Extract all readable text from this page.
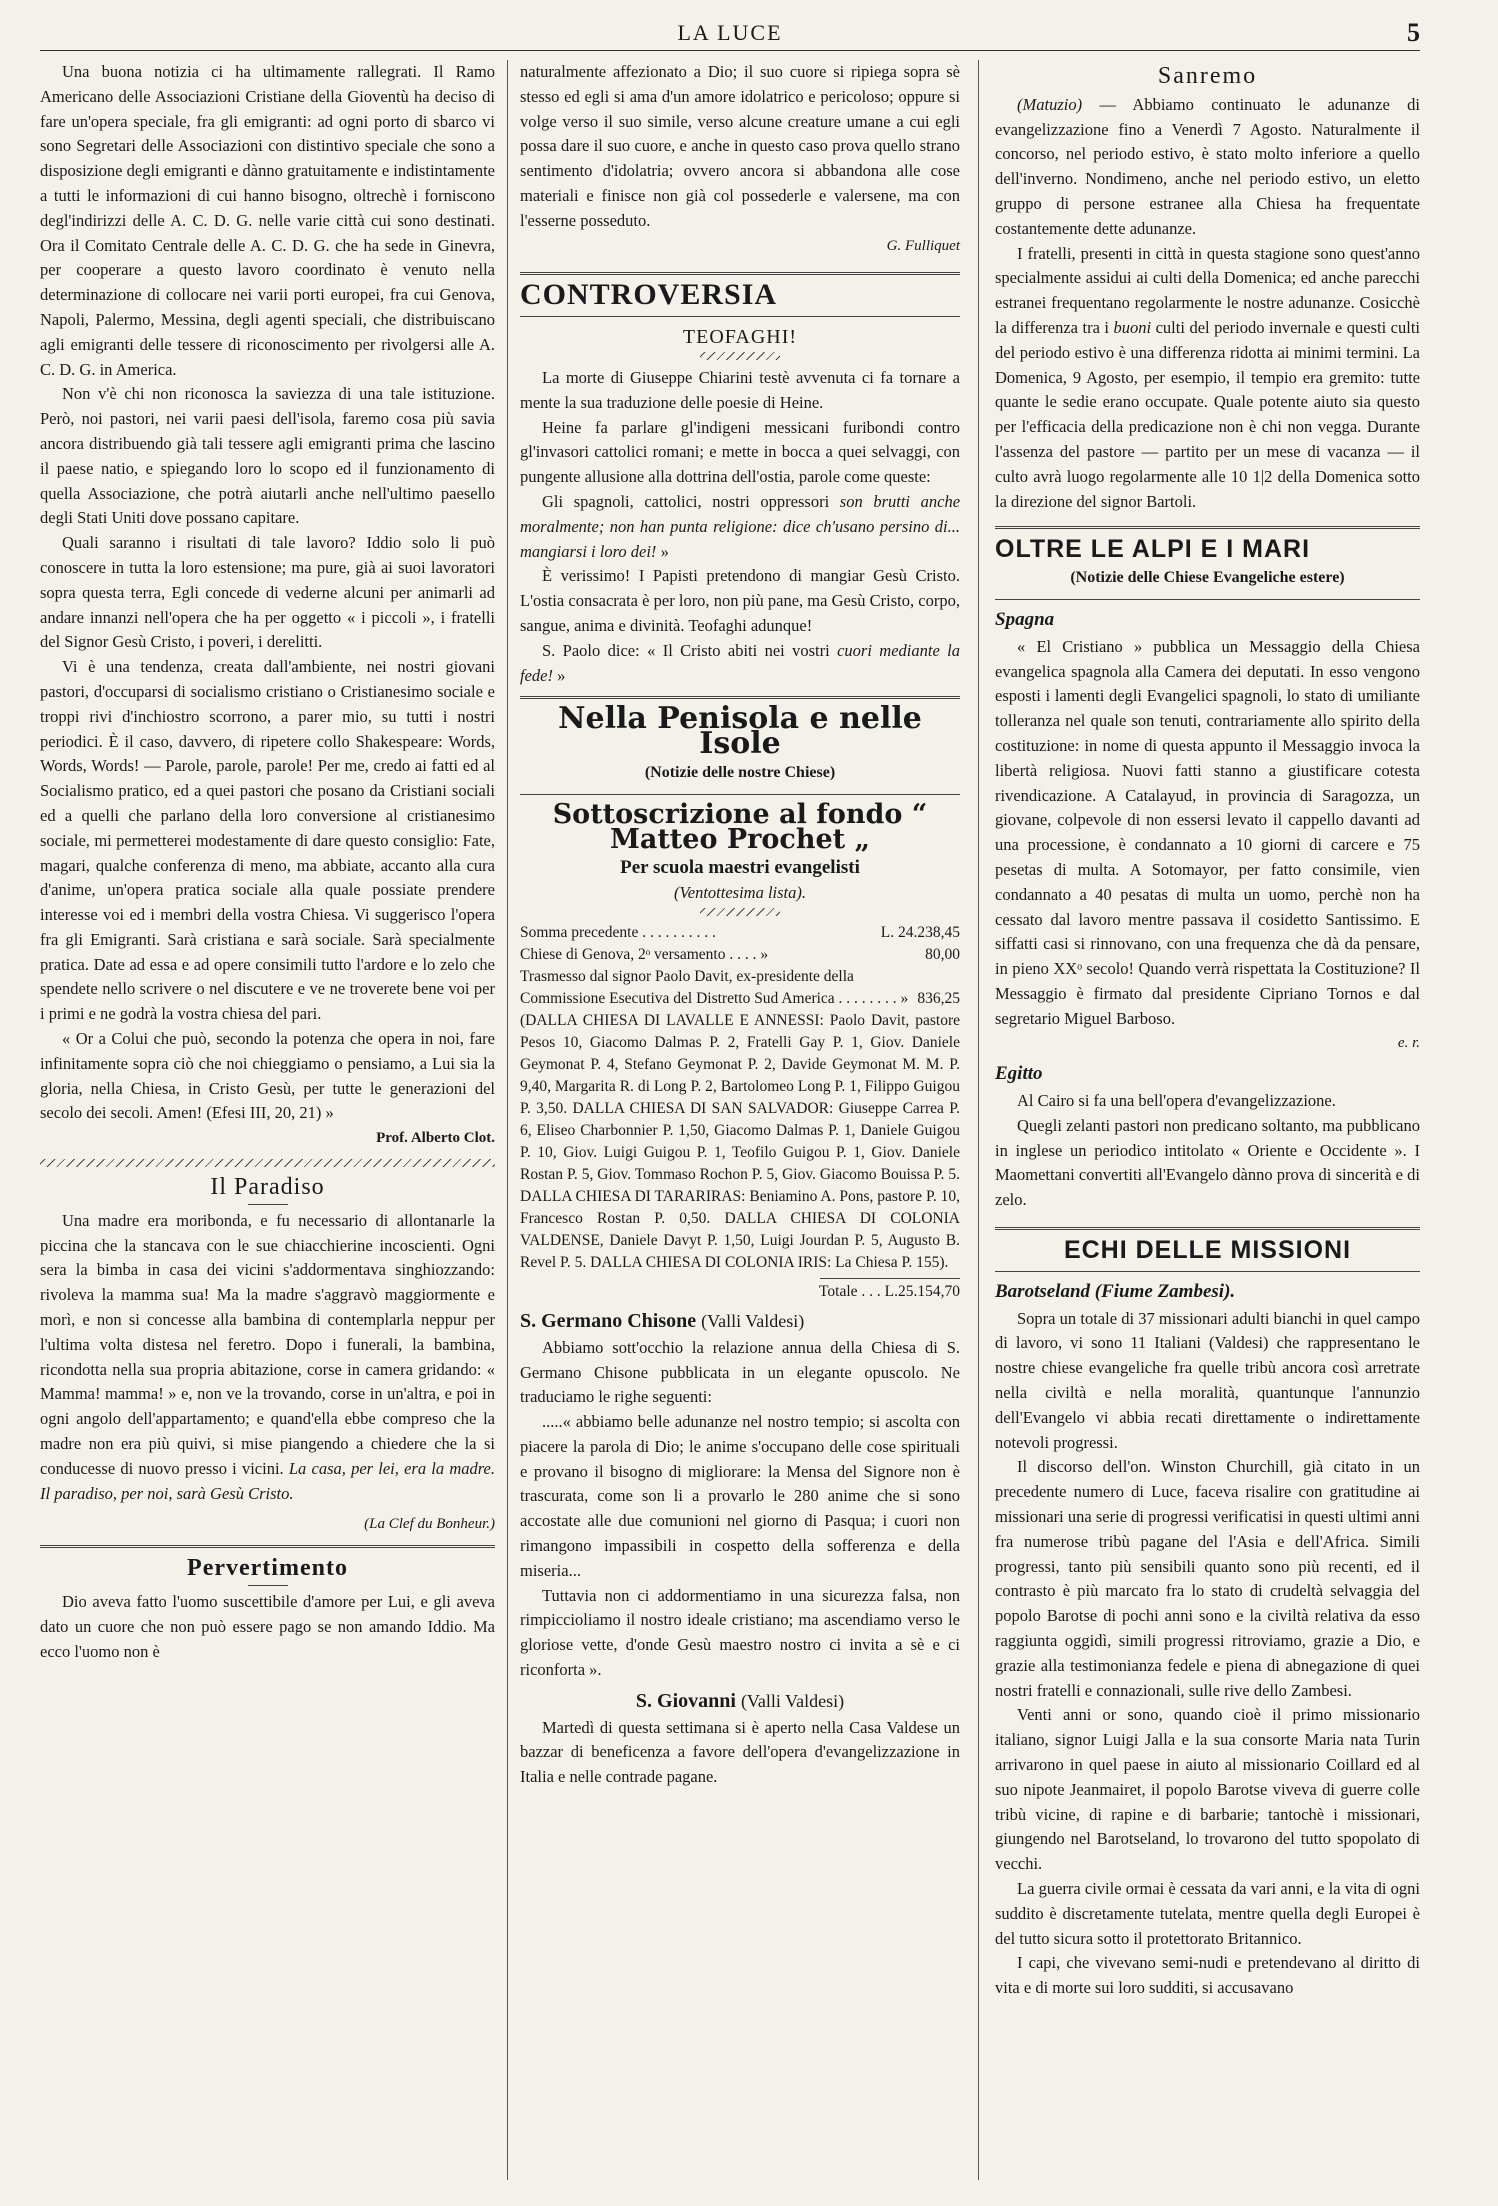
LA LUCE	5

Una buona notizia ci ha ultimamente rallegrati. Il Ramo Americano delle Associazioni Cristiane della Gioventù ha deciso di fare un'opera speciale, fra gli emigranti: ad ogni porto di sbarco vi sono Segretari delle Associazioni con distintivo speciale che sono a disposizione degli emigranti e dànno gratuitamente e indistintamente a tutti le informazioni di cui hanno bisogno, oltrechè i forniscono degl'indirizzi delle A. C. D. G. nelle varie città cui sono destinati. Ora il Comitato Centrale delle A. C. D. G. che ha sede in Ginevra, per cooperare a questo lavoro coordinato è venuto nella determinazione di collocare nei varii porti europei, fra cui Genova, Napoli, Palermo, Messina, degli agenti speciali, che distribuiscano agli emigranti delle tessere di riconoscimento per rivolgersi alle A. C. D. G. in America.

Non v'è chi non riconosca la saviezza di una tale istituzione. Però, noi pastori, nei varii paesi dell'isola, faremo cosa più savia ancora distribuendo già tali tessere agli emigranti prima che lascino il paese natio, e spiegando loro lo scopo ed il funzionamento di quella Associazione, che potrà aiutarli anche nell'ultimo paesello degli Stati Uniti dove possano capitare.

Quali saranno i risultati di tale lavoro? Iddio solo li può conoscere in tutta la loro estensione; ma pure, già ai suoi lavoratori sopra questa terra, Egli concede di vederne alcuni per animarli ad andare innanzi nell'opera che ha per oggetto « i piccoli », i fratelli del Signor Gesù Cristo, i poveri, i derelitti.

Vi è una tendenza, creata dall'ambiente, nei nostri giovani pastori, d'occuparsi di socialismo cristiano o Cristianesimo sociale e troppi rivi d'inchiostro scorrono, a parer mio, su tutti i nostri periodici. È il caso, davvero, di ripetere collo Shakespeare: Words, Words, Words! — Parole, parole, parole! Per me, credo ai fatti ed al Socialismo pratico, ed a quei pastori che posano da Cristiani sociali ed a quelli che parlano della loro conversione al cristianesimo sociale, mi permetterei modestamente di dare questo consiglio: Fate, magari, qualche conferenza di meno, ma abbiate, accanto alla cura d'anime, un'opera pratica sociale alla quale possiate prendere interesse voi ed i membri della vostra Chiesa. Vi suggerisco l'opera fra gli Emigranti. Sarà cristiana e sarà sociale. Sarà specialmente pratica. Date ad essa e ad opere consimili tutto l'ardore e lo zelo che spendete nello scrivere o nel discutere e ve ne troverete bene voi per i primi e ne godrà la vostra chiesa del pari.

« Or a Colui che può, secondo la potenza che opera in noi, fare infinitamente sopra ciò che noi chieggiamo o pensiamo, a Lui sia la gloria, nella Chiesa, in Cristo Gesù, per tutte le generazioni del secolo dei secoli. Amen! (Efesi III, 20, 21) »

Prof. Alberto Clot.

Il Paradiso

Una madre era moribonda, e fu necessario di allontanarle la piccina che la stancava con le sue chiacchierine incoscienti. Ogni sera la bimba in casa dei vicini s'addormentava singhiozzando: rivoleva la mamma sua! Ma la madre s'aggravò maggiormente e morì, e non si concesse alla bambina di contemplarla neppur per l'ultima volta distesa nel feretro. Dopo i funerali, la bambina, ricondotta nella sua propria abitazione, corse in camera gridando: « Mamma! mamma! » e, non ve la trovando, corse in un'altra, e poi in ogni angolo dell'appartamento; e quand'ella ebbe compreso che la madre non era più quivi, si mise piangendo a chiedere che la si conducesse di nuovo presso i vicini. La casa, per lei, era la madre. Il paradiso, per noi, sarà Gesù Cristo.

(La Clef du Bonheur.)

Pervertimento

Dio aveva fatto l'uomo suscettibile d'amore per Lui, e gli aveva dato un cuore che non può essere pago se non amando Iddio. Ma ecco l'uomo non è

naturalmente affezionato a Dio; il suo cuore si ripiega sopra sè stesso ed egli si ama d'un amore idolatrico e pericoloso; oppure si volge verso il suo simile, verso alcune creature umane a cui egli possa dare il suo cuore, e anche in questo caso prova quello strano sentimento d'idolatria; ovvero ancora si abbandona alle cose materiali e finisce non già col possederle e valersene, ma con l'esserne posseduto.

G. Fulliquet

CONTROVERSIA
TEOFAGHI!

La morte di Giuseppe Chiarini testè avvenuta ci fa tornare a mente la sua traduzione delle poesie di Heine.

Heine fa parlare gl'indigeni messicani furibondi contro gl'invasori cattolici romani; e mette in bocca a quei selvaggi, con pungente allusione alla dottrina dell'ostia, parole come queste:

Gli spagnoli, cattolici, nostri oppressori son brutti anche moralmente; non han punta religione: dice ch'usano persino di... mangiarsi i loro dei! »

È verissimo! I Papisti pretendono di mangiar Gesù Cristo. L'ostia consacrata è per loro, non più pane, ma Gesù Cristo, corpo, sangue, anima e divinità. Teofaghi adunque!

S. Paolo dice: « Il Cristo abiti nei vostri cuori mediante la fede! »

Nella Penisola e nelle Isole
(Notizie delle nostre Chiese)
Sottoscrizione al fondo “ Matteo Prochet „
Per scuola maestri evangelisti
(Ventottesima lista).
Somma precedente . . . . . . . . . .	L. 24.238,45
Chiese di Genova, 2ᵒ versamento . . . . »	80,00
Trasmesso dal signor Paolo Davit, ex-presidente della Commissione Esecutiva del Distretto Sud America . . . . . . . . » 836,25

(DALLA CHIESA DI LAVALLE E ANNESSI: Paolo Davit, pastore Pesos 10, Giacomo Dalmas P. 2, Fratelli Gay P. 1, Giov. Daniele Geymonat P. 4, Stefano Geymonat P. 2, Davide Geymonat M. M. P. 9,40, Margarita R. di Long P. 2, Bartolomeo Long P. 1, Filippo Guigou P. 3,50. DALLA CHIESA DI SAN SALVADOR: Giuseppe Carrea P. 6, Eliseo Charbonnier P. 1,50, Giacomo Dalmas P. 1, Daniele Guigou P. 10, Giov. Luigi Guigou P. 1, Teofilo Guigou P. 1, Giov. Daniele Rostan P. 5, Giov. Tommaso Rochon P. 5, Giov. Giacomo Bouissa P. 5. DALLA CHIESA DI TARARIRAS: Beniamino A. Pons, pastore P. 10, Francesco Rostan P. 0,50. DALLA CHIESA DI COLONIA VALDENSE, Daniele Davyt P. 1,50, Luigi Jourdan P. 5, Augusto B. Revel P. 5. DALLA CHIESA DI COLONIA IRIS: La Chiesa P. 155).

Totale . . . L. 25.154,70
S. Germano Chisone (Valli Valdesi)

Abbiamo sott'occhio la relazione annua della Chiesa di S. Germano Chisone pubblicata in un elegante opuscolo. Ne traduciamo le righe seguenti:

.....« abbiamo belle adunanze nel nostro tempio; si ascolta con piacere la parola di Dio; le anime s'occupano delle cose spirituali e provano il bisogno di migliorare: la Mensa del Signore non è trascurata, come son li a provarlo le 280 anime che si sono accostate alle due comunioni nel giorno di Pasqua; i cuori non rimangono impassibili in cospetto della sofferenza e della miseria...

Tuttavia non ci addormentiamo in una sicurezza falsa, non rimpiccioliamo il nostro ideale cristiano; ma ascendiamo verso le gloriose vette, d'onde Gesù maestro nostro ci invita a sè e ci riconforta ».

S. Giovanni (Valli Valdesi)

Martedì di questa settimana si è aperto nella Casa Valdese un bazzar di beneficenza a favore dell'opera d'evangelizzazione in Italia e nelle contrade pagane.

Sanremo

(Matuzio) — Abbiamo continuato le adunanze di evangelizzazione fino a Venerdì 7 Agosto. Naturalmente il concorso, nel periodo estivo, è stato molto inferiore a quello dell'inverno. Nondimeno, anche nel periodo estivo, un eletto gruppo di persone estranee alla Chiesa ha frequentate costantemente dette adunanze.

I fratelli, presenti in città in questa stagione sono quest'anno specialmente assidui ai culti della Domenica; ed anche parecchi estranei frequentano regolarmente le nostre adunanze. Cosicchè la differenza tra i buoni culti del periodo invernale e questi culti del periodo estivo è una differenza ridotta ai minimi termini. La Domenica, 9 Agosto, per esempio, il tempio era gremito: tutte quante le sedie erano occupate. Quale potente aiuto sia questo per l'efficacia della predicazione non è chi non vegga. Durante l'assenza del pastore — partito per un mese di vacanza — il culto avrà luogo regolarmente alle 10 1|2 della Domenica sotto la direzione del signor Bartoli.

OLTRE LE ALPI E I MARI
(Notizie delle Chiese Evangeliche estere)
Spagna

« El Cristiano » pubblica un Messaggio della Chiesa evangelica spagnola alla Camera dei deputati. In esso vengono esposti i lamenti degli Evangelici spagnoli, lo stato di umiliante tolleranza nel quale son tenuti, contrariamente allo spirito della costituzione: in nome di questa appunto il Messaggio invoca la libertà religiosa. Nuovi fatti stanno a giustificare cotesta rivendicazione. A Catalayud, in provincia di Saragozza, un giovane, colpevole di non essersi levato il cappello davanti ad una processione, è condannato a 10 giorni di carcere e 75 pesetas di multa. A Sotomayor, per fatto consimile, vien condannato a 40 pesatas di multa un uomo, perchè non ha cessato dal lavoro mentre passava il cosidetto Santissimo. E siffatti casi si rinnovano, con una frequenza che dà da pensare, in pieno XXᵒ secolo! Quando verrà rispettata la Costituzione? Il Messaggio è firmato dal presidente Cipriano Tornos e dal segretario Miguel Barboso.

e. r.

Egitto

Al Cairo si fa una bell'opera d'evangelizzazione.

Quegli zelanti pastori non predicano soltanto, ma pubblicano in inglese un periodico intitolato « Oriente e Occidente ». I Maomettani convertiti all'Evangelo dànno prova di sincerità e di zelo.

ECHI DELLE MISSIONI
Barotseland (Fiume Zambesi).

Sopra un totale di 37 missionari adulti bianchi in quel campo di lavoro, vi sono 11 Italiani (Valdesi) che rappresentano le nostre chiese evangeliche fra quelle tribù ancora così arretrate nella civiltà e nella moralità, quantunque l'annunzio dell'Evangelo vi abbia recati direttamente o indirettamente notevoli progressi.

Il discorso dell'on. Winston Churchill, già citato in un precedente numero di Luce, faceva risalire con gratitudine ai missionari una serie di progressi verificatisi in questi ultimi anni fra numerose tribù pagane del l'Asia e dell'Africa. Simili progressi, tanto più sensibili quanto sono più recenti, ed il contrasto è più marcato fra lo stato di crudeltà selvaggia del popolo Barotse di pochi anni sono e la civiltà relativa da esso raggiunta oggidì, simili progressi ritroviamo, grazie a Dio, e grazie alla testimonianza fedele e piena di abnegazione di quei nostri fratelli e connazionali, sulle rive dello Zambesi.

Venti anni or sono, quando cioè il primo missionario italiano, signor Luigi Jalla e la sua consorte Maria nata Turin arrivarono in quel paese in aiuto al missionario Coillard ed al suo nipote Jeanmairet, il popolo Barotse viveva di guerre colle tribù vicine, di rapine e di barbarie; tantochè i missionari, giungendo nel Barotseland, lo trovarono del tutto spopolato di vecchi.

La guerra civile ormai è cessata da vari anni, e la vita di ogni suddito è discretamente tutelata, mentre quella degli Europei è del tutto sicura sotto il protettorato Britannico.

I capi, che vivevano semi-nudi e pretendevano al diritto di vita e di morte sui loro sudditi, si accusavano
